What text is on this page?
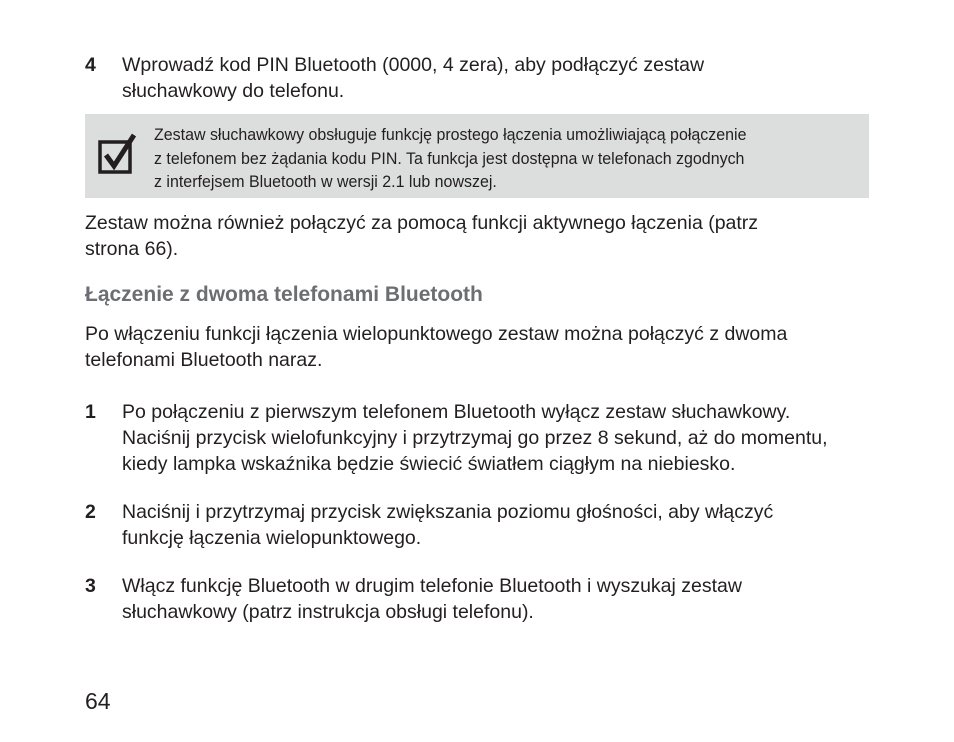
4 Wprowadź kod PIN Bluetooth (0000, 4 zera), aby podłączyć zestaw
słuchawkowy do telefonu.
Zestaw słuchawkowy obsługuje funkcję prostego łączenia umożliwiającą połączenie
z telefonem bez żądania kodu PIN. Ta funkcja jest dostępna w telefonach zgodnych
z interfejsem Bluetooth w wersji 2.1 lub nowszej.
Zestaw można również połączyć za pomocą funkcji aktywnego łączenia (patrz
strona 66).
Łączenie z dwoma telefonami Bluetooth
Po włączeniu funkcji łączenia wielopunktowego zestaw można połączyć z dwoma
telefonami Bluetooth naraz.
1 Po połączeniu z pierwszym telefonem Bluetooth wyłącz zestaw słuchawkowy.
Naciśnij przycisk wielofunkcyjny i przytrzymaj go przez 8 sekund, aż do momentu,
kiedy lampka wskaźnika będzie świecić światłem ciągłym na niebiesko.
2 Naciśnij i przytrzymaj przycisk zwiększania poziomu głośności, aby włączyć
funkcję łączenia wielopunktowego.
3 Włącz funkcję Bluetooth w drugim telefonie Bluetooth i wyszukaj zestaw
słuchawkowy (patrz instrukcja obsługi telefonu).
64
